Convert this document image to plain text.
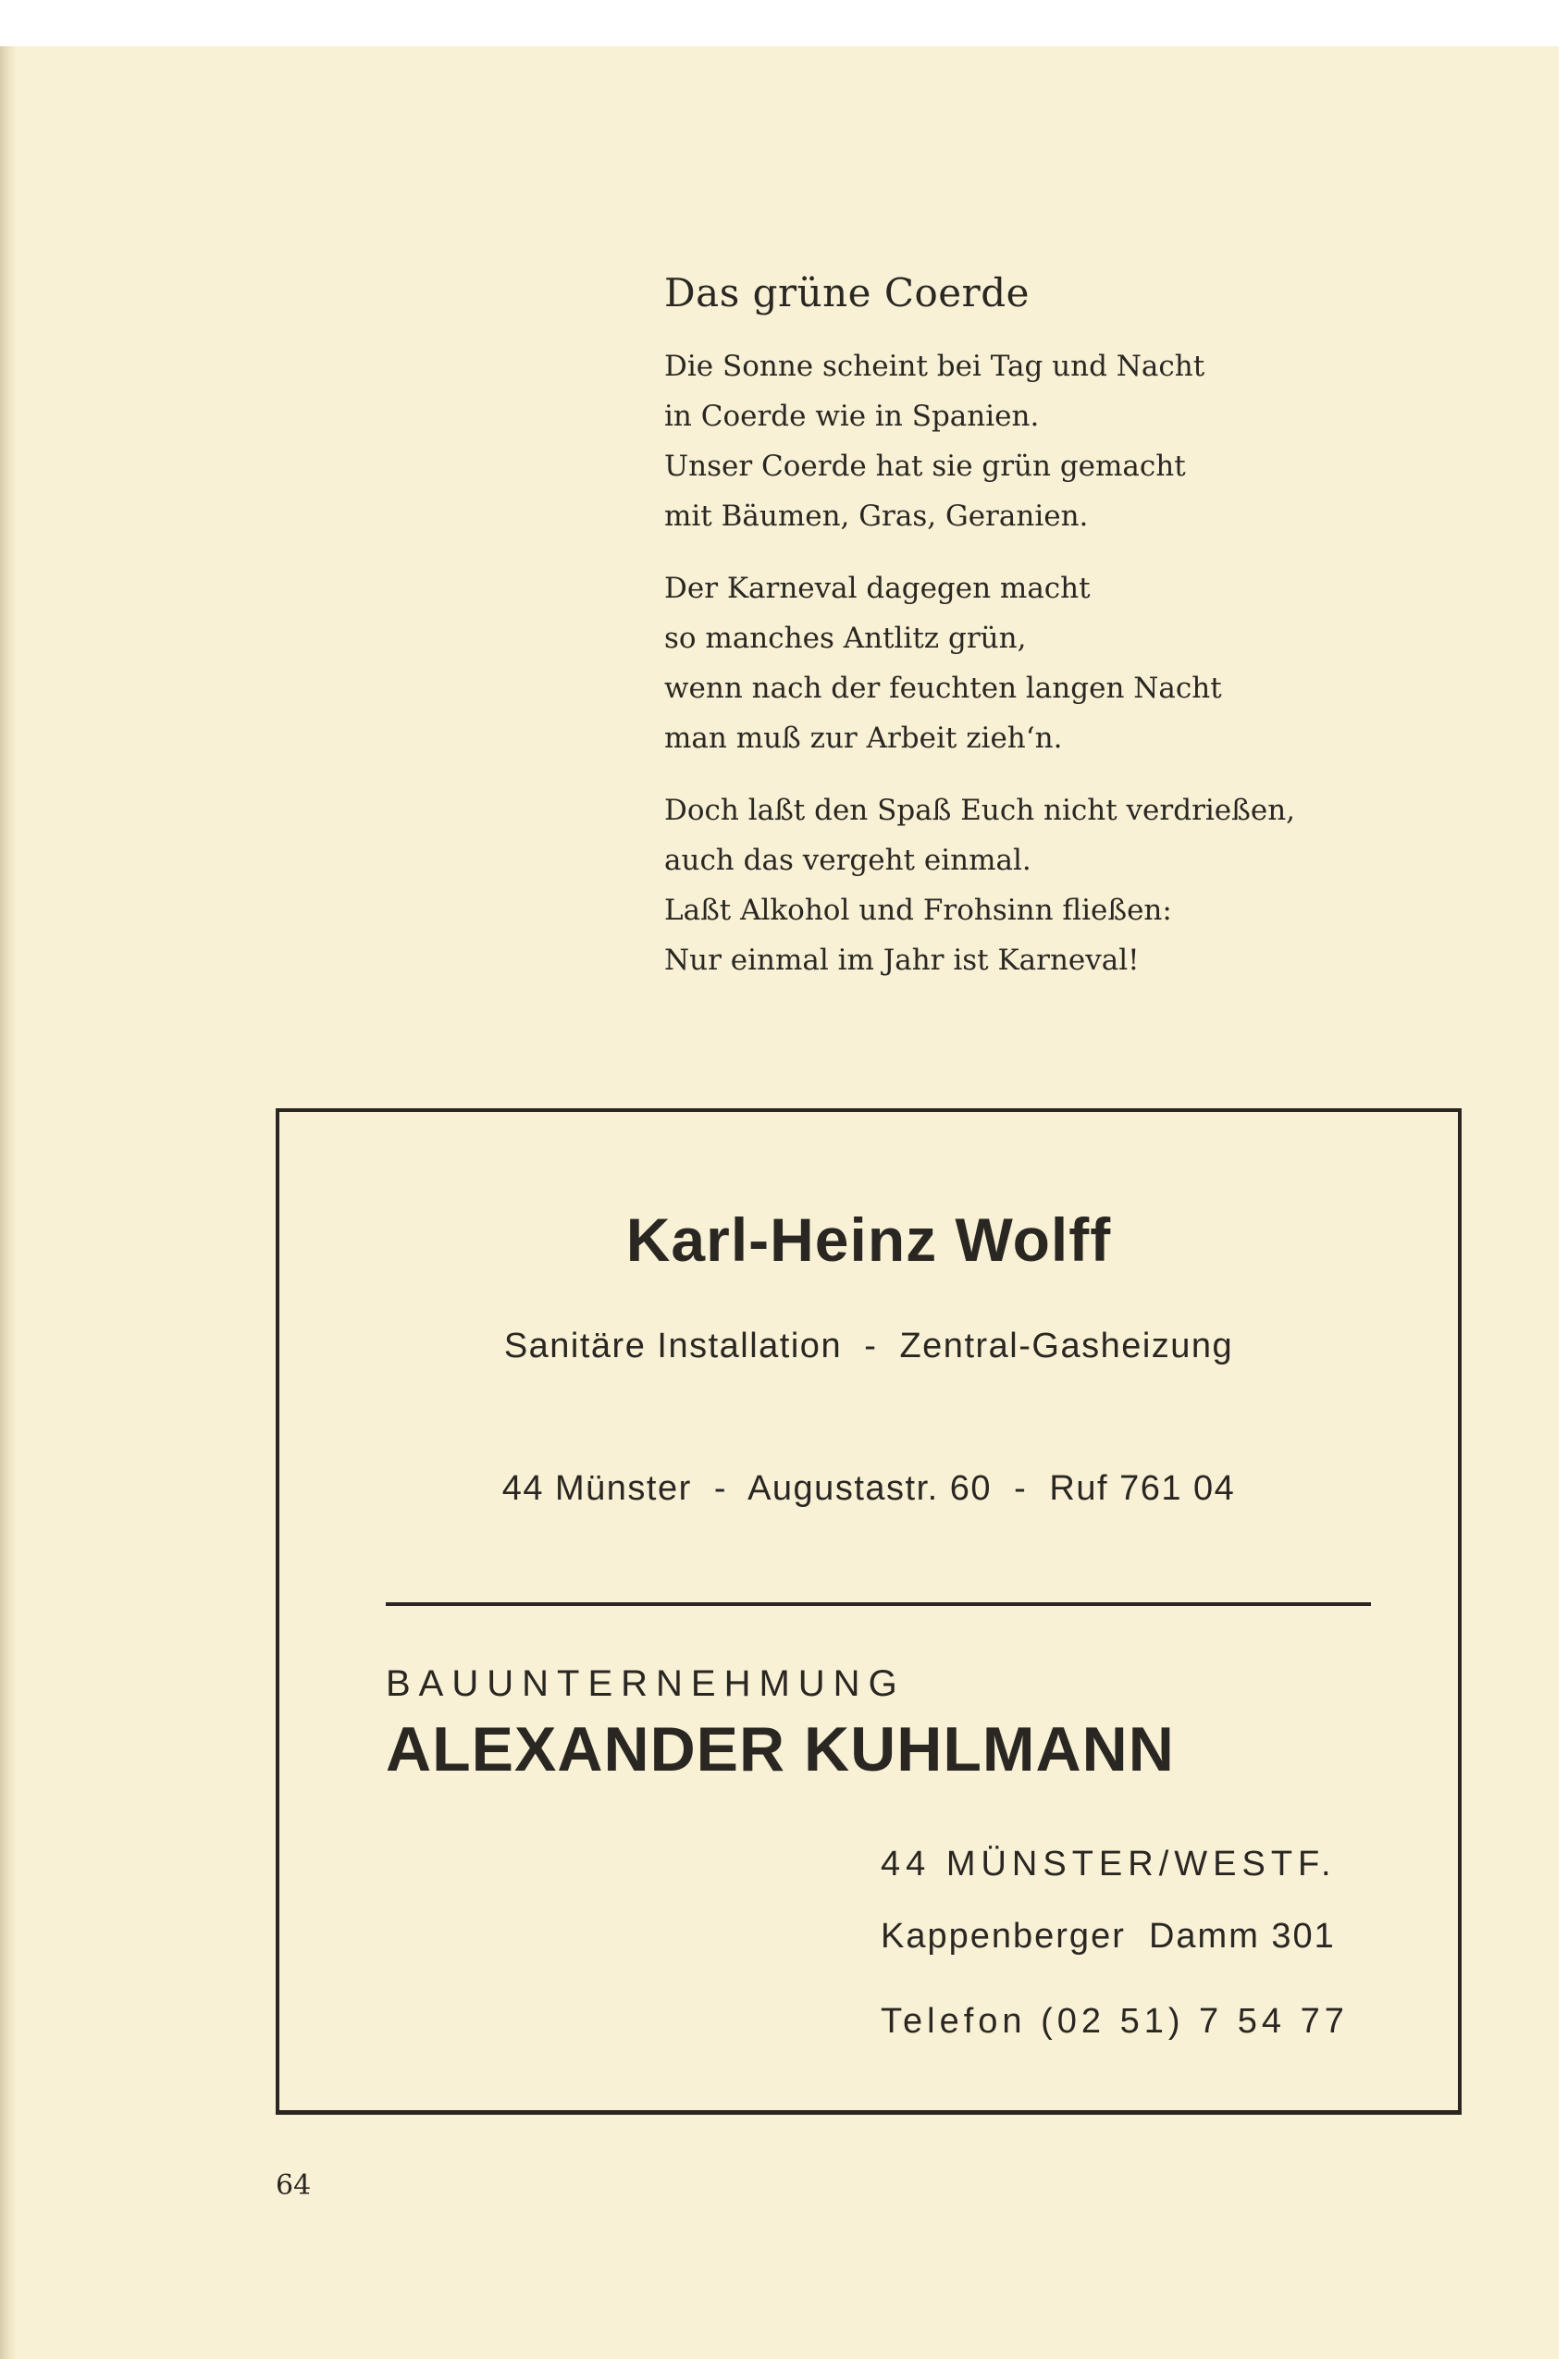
Das grüne Coerde
Die Sonne scheint bei Tag und Nacht
in Coerde wie in Spanien.
Unser Coerde hat sie grün gemacht
mit Bäumen, Gras, Geranien.
Der Karneval dagegen macht
so manches Antlitz grün,
wenn nach der feuchten langen Nacht
man muß zur Arbeit zieh‘n.
Doch laßt den Spaß Euch nicht verdrießen,
auch das vergeht einmal.
Laßt Alkohol und Frohsinn fließen:
Nur einmal im Jahr ist Karneval!
Karl-Heinz Wolff
Sanitäre Installation  -  Zentral-Gasheizung
44 Münster  -  Augustastr. 60  -  Ruf 761 04
BAUUNTERNEHMUNG
ALEXANDER KUHLMANN
44 MÜNSTER/WESTF.
Kappenberger  Damm 301
Telefon (02 51) 7 54 77
64
